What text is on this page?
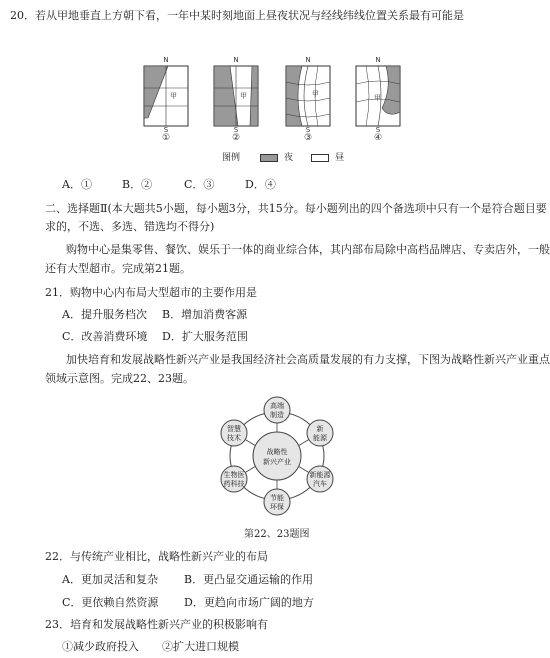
20．若从甲地垂直上方朝下看，一年中某时刻地面上昼夜状况与经线纬线位置关系最有可能是
N
甲
S
①
N
甲
S
②
N
甲
S
③
N
甲
S
④
图例	夜	昼
A．①	B．②	C．③	D．④
二、选择题Ⅱ(本大题共5小题，每小题3分，共15分。每小题列出的四个备选项中只有一个是符合题目要
求的，不选、多选、错选均不得分)
购物中心是集零售、餐饮、娱乐于一体的商业综合体，其内部布局除中高档品牌店、专卖店外，一般
还有大型超市。完成第21题。
21．购物中心内布局大型超市的主要作用是
A．提升服务档次 B．增加消费客源
C．改善消费环境 D．扩大服务范围
加快培育和发展战略性新兴产业是我国经济社会高质量发展的有力支撑，下图为战略性新兴产业重点
领域示意图。完成22、23题。
战略性
新兴产业
高端
制造
新
能源
新能源
汽车
节能
环保
生物医
药科技
智慧
技术
第22、23题图
22．与传统产业相比，战略性新兴产业的布局
A．更加灵活和复杂 B．更凸显交通运输的作用
C．更依赖自然资源 D．更趋向市场广阔的地方
23．培育和发展战略性新兴产业的积极影响有
①减少政府投入 ②扩大进口规模
